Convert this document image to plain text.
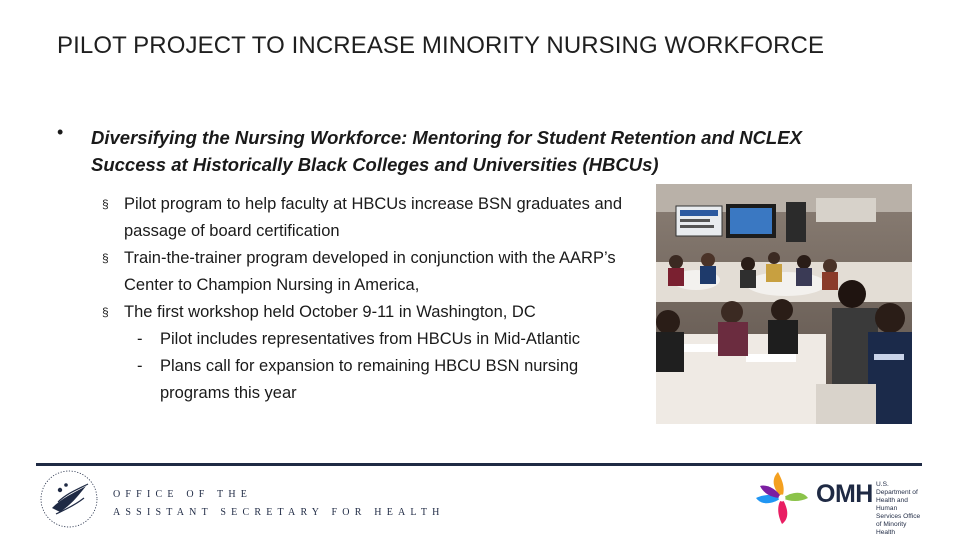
PILOT PROJECT TO INCREASE MINORITY NURSING WORKFORCE
• Diversifying the Nursing Workforce: Mentoring for Student Retention and NCLEX Success at Historically Black Colleges and Universities (HBCUs)
§ Pilot program to help faculty at HBCUs increase BSN graduates and passage of board certification
§ Train-the-trainer program developed in conjunction with the AARP’s Center to Champion Nursing in America,
§ The first workshop held October 9-11 in Washington, DC
- Pilot includes representatives from HBCUs in Mid-Atlantic
- Plans call for expansion to remaining HBCU BSN nursing programs this year
OFFICE OF THE
ASSISTANT SECRETARY FOR HEALTH
OMH U.S. Department of Health and Human Services Office of Minority Health
